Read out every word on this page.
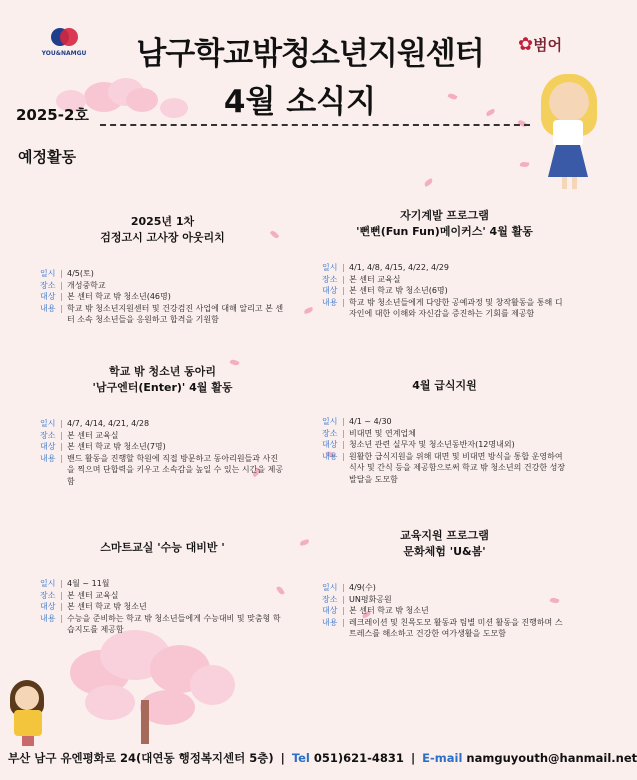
YOU&NAMGU	남구학교밖청소년지원센터
4월 소식지
✿범어
2025-2호
예정활동
2025년 1차
검정고시 고사장 아웃리치
일시 | 4/5(토)
장소 | 개성중학교
대상 | 본 센터 학교 밖 청소년(46명)
내용 | 학교 밖 청소년지원센터 및 건강검진 사업에 대해 알리고 본 센터 소속 청소년들을 응원하고 합격을 기원함
자기계발 프로그램
'뻔뻔(Fun Fun)메이커스' 4월 활동
일시 | 4/1, 4/8, 4/15, 4/22, 4/29
장소 | 본 센터 교육실
대상 | 본 센터 학교 밖 청소년(6명)
내용 | 학교 밖 청소년들에게 다양한 공예과정 및 창작활동을 통해 디자인에 대한 이해와 자신감을 증진하는 기회를 제공함
학교 밖 청소년 동아리
'남구엔터(Enter)' 4월 활동
일시 | 4/7, 4/14, 4/21, 4/28
장소 | 본 센터 교육실
대상 | 본 센터 학교 밖 청소년(7명)
내용 | 밴드 활동을 진행할 학원에 직접 방문하고 동아리원들과 사진을 찍으며 단합력을 키우고 소속감을 높일 수 있는 시간을 제공함
4월 급식지원
일시 | 4/1 ~ 4/30
장소 | 비대면 및 연계업체
대상 | 청소년 관련 실무자 및 청소년동반자(12명내외)
내용 | 원활한 급식지원을 위해 대면 및 비대면 방식을 통합 운영하여 식사 및 간식 등을 제공함으로써 학교 밖 청소년의 건강한 성장발달을 도모함
스마트교실 '수능 대비반 '
일시 | 4월 ~ 11월
장소 | 본 센터 교육실
대상 | 본 센터 학교 밖 청소년
내용 | 수능을 준비하는 학교 밖 청소년들에게 수능대비 및 맞춤형 학습지도를 제공함
교육지원 프로그램
문화체험 'U&봄'
일시 | 4/9(수)
장소 | UN평화공원
대상 | 본 센터 학교 밖 청소년
내용 | 레크레이션 및 친목도모 활동과 팀별 미션 활동을 진행하며 스트레스를 해소하고 건강한 여가생활을 도모함
부산 남구 유엔평화로 24(대연동 행정복지센터 5층) | Tel 051)621-4831 | E-mail namguyouth@hanmail.net
